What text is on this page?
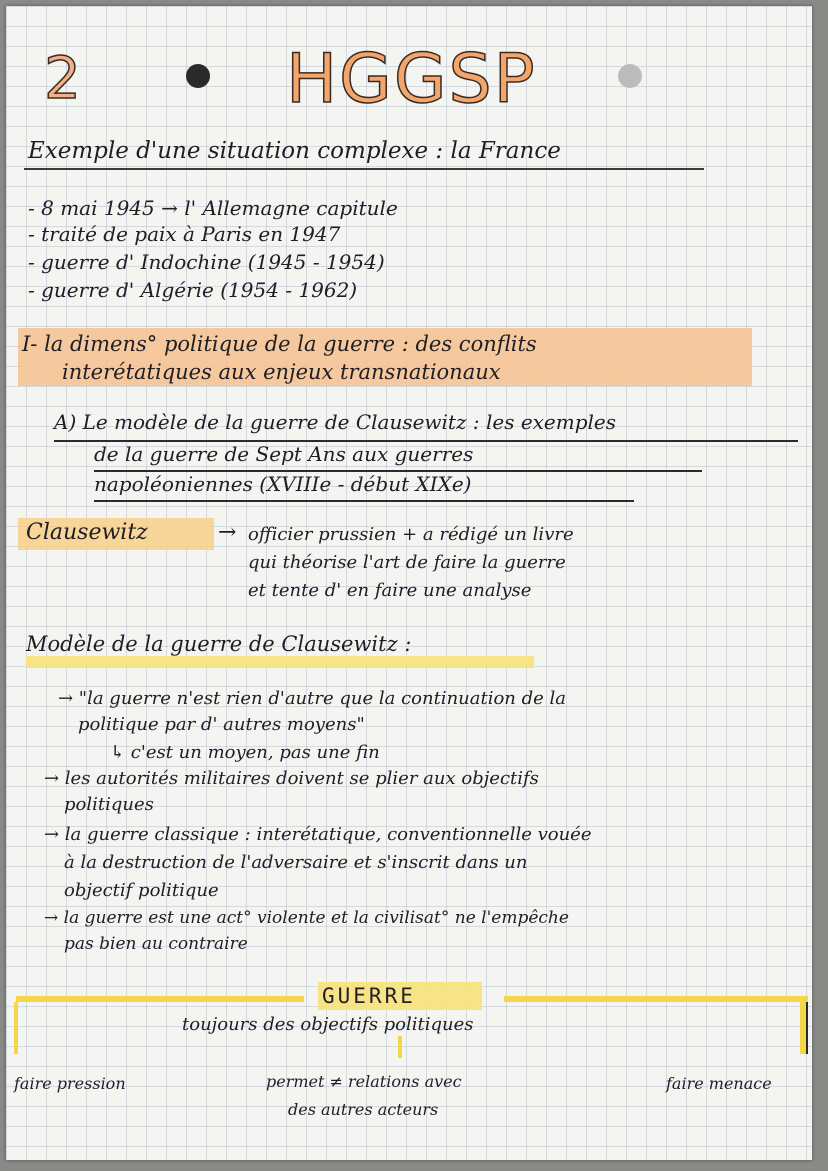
2	HGGSP
Exemple d'une situation complexe : la France
- 8 mai 1945 → l' Allemagne capitule
- traité de paix à Paris en 1947
- guerre d' Indochine (1945 - 1954)
- guerre d' Algérie (1954 - 1962)
I- la dimens° politique de la guerre : des conflits
interétatiques aux enjeux transnationaux
A) Le modèle de la guerre de Clausewitz : les exemples
de la guerre de Sept Ans aux guerres
napoléoniennes (XVIIIe - début XIXe)
Clausewitz	→ officier prussien + a rédigé un livre
qui théorise l'art de faire la guerre
et tente d' en faire une analyse
Modèle de la guerre de Clausewitz :
→ "la guerre n'est rien d'autre que la continuation de la
politique par d' autres moyens"
↳ c'est un moyen, pas une fin
→ les autorités militaires doivent se plier aux objectifs
politiques
→ la guerre classique : interétatique, conventionnelle vouée
à la destruction de l'adversaire et s'inscrit dans un
objectif politique
→ la guerre est une act° violente et la civilisat° ne l'empêche
pas bien au contraire
GUERRE
toujours des objectifs politiques
faire pression	permet ≠ relations avec
des autres acteurs
faire menace
